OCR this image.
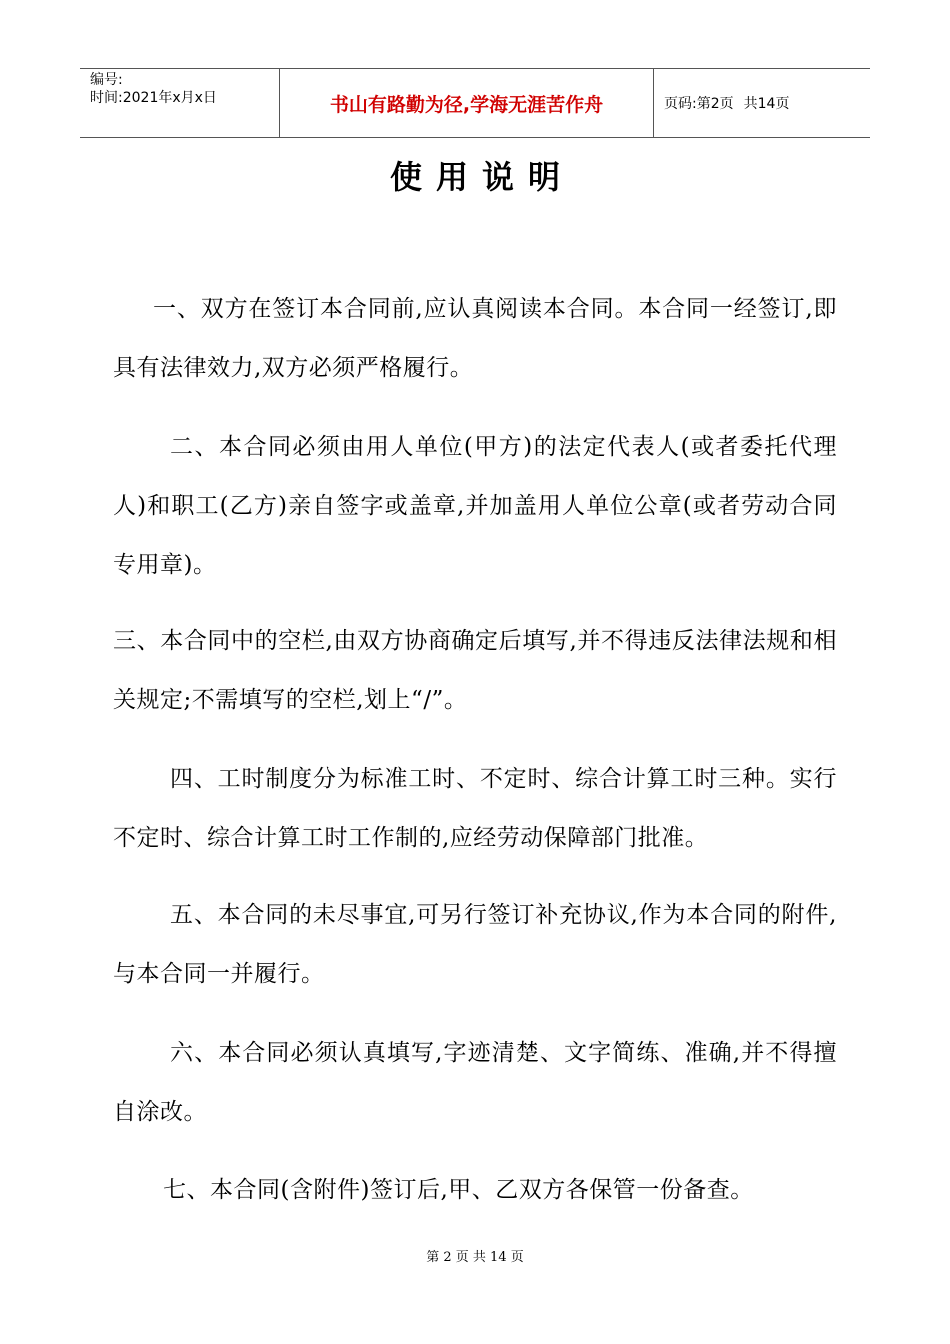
编号:
时间:2021年x月x日	书山有路勤为径,学海无涯苦作舟	页码:第2页 共14页
使用说明

一、双方在签订本合同前,应认真阅读本合同。本合同一经签订,即具有法律效力,双方必须严格履行。

二、本合同必须由用人单位(甲方)的法定代表人(或者委托代理人)和职工(乙方)亲自签字或盖章,并加盖用人单位公章(或者劳动合同专用章)。

三、本合同中的空栏,由双方协商确定后填写,并不得违反法律法规和相关规定;不需填写的空栏,划上“/”。

四、工时制度分为标准工时、不定时、综合计算工时三种。实行不定时、综合计算工时工作制的,应经劳动保障部门批准。

五、本合同的未尽事宜,可另行签订补充协议,作为本合同的附件,与本合同一并履行。

六、本合同必须认真填写,字迹清楚、文字简练、准确,并不得擅自涂改。

七、本合同(含附件)签订后,甲、乙双方各保管一份备查。

第 2 页 共 14 页
